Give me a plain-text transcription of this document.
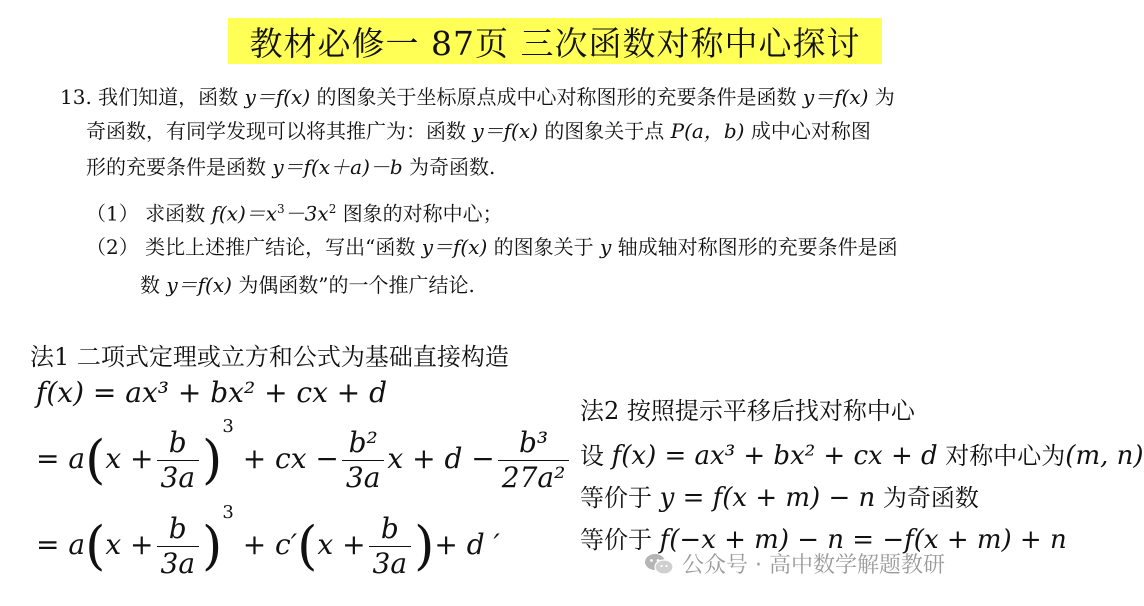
教材必修一 87页 三次函数对称中心探讨
13. 我们知道，函数 y＝f(x) 的图象关于坐标原点成中心对称图形的充要条件是函数 y＝f(x) 为
奇函数，有同学发现可以将其推广为：函数 y＝f(x) 的图象关于点 P(a，b) 成中心对称图
形的充要条件是函数 y＝f(x＋a)－b 为奇函数.
（1） 求函数 $f(x)=x^3-3x^2$ 图象的对称中心；
（2） 类比上述推广结论，写出“函数 y＝f(x) 的图象关于 y 轴成轴对称图形的充要条件是函
数 y＝f(x) 为偶函数”的一个推广结论.
法1 二项式定理或立方和公式为基础直接构造
f(x) = ax³ + bx² + cx + d
= $a(x + \frac{b}{3a} )^3$ + cx − $\frac{\text{b²}}{3a}$ $x + d - \frac{\text{b³}}{\text{27a²}}$
= $a(x + \frac{b}{3a} )^3 + c'(x + \frac{b}{3a}$ )+ d ′
法2 按照提示平移后找对称中心
设 f(x) = ax³ + bx² + cx + d 对称中心为(m, n)
等价于 y = f(x + m) − n 为奇函数
等价于 f(−x + m) − n = −f(x + m) + n
公众号 · 高中数学解题教研
